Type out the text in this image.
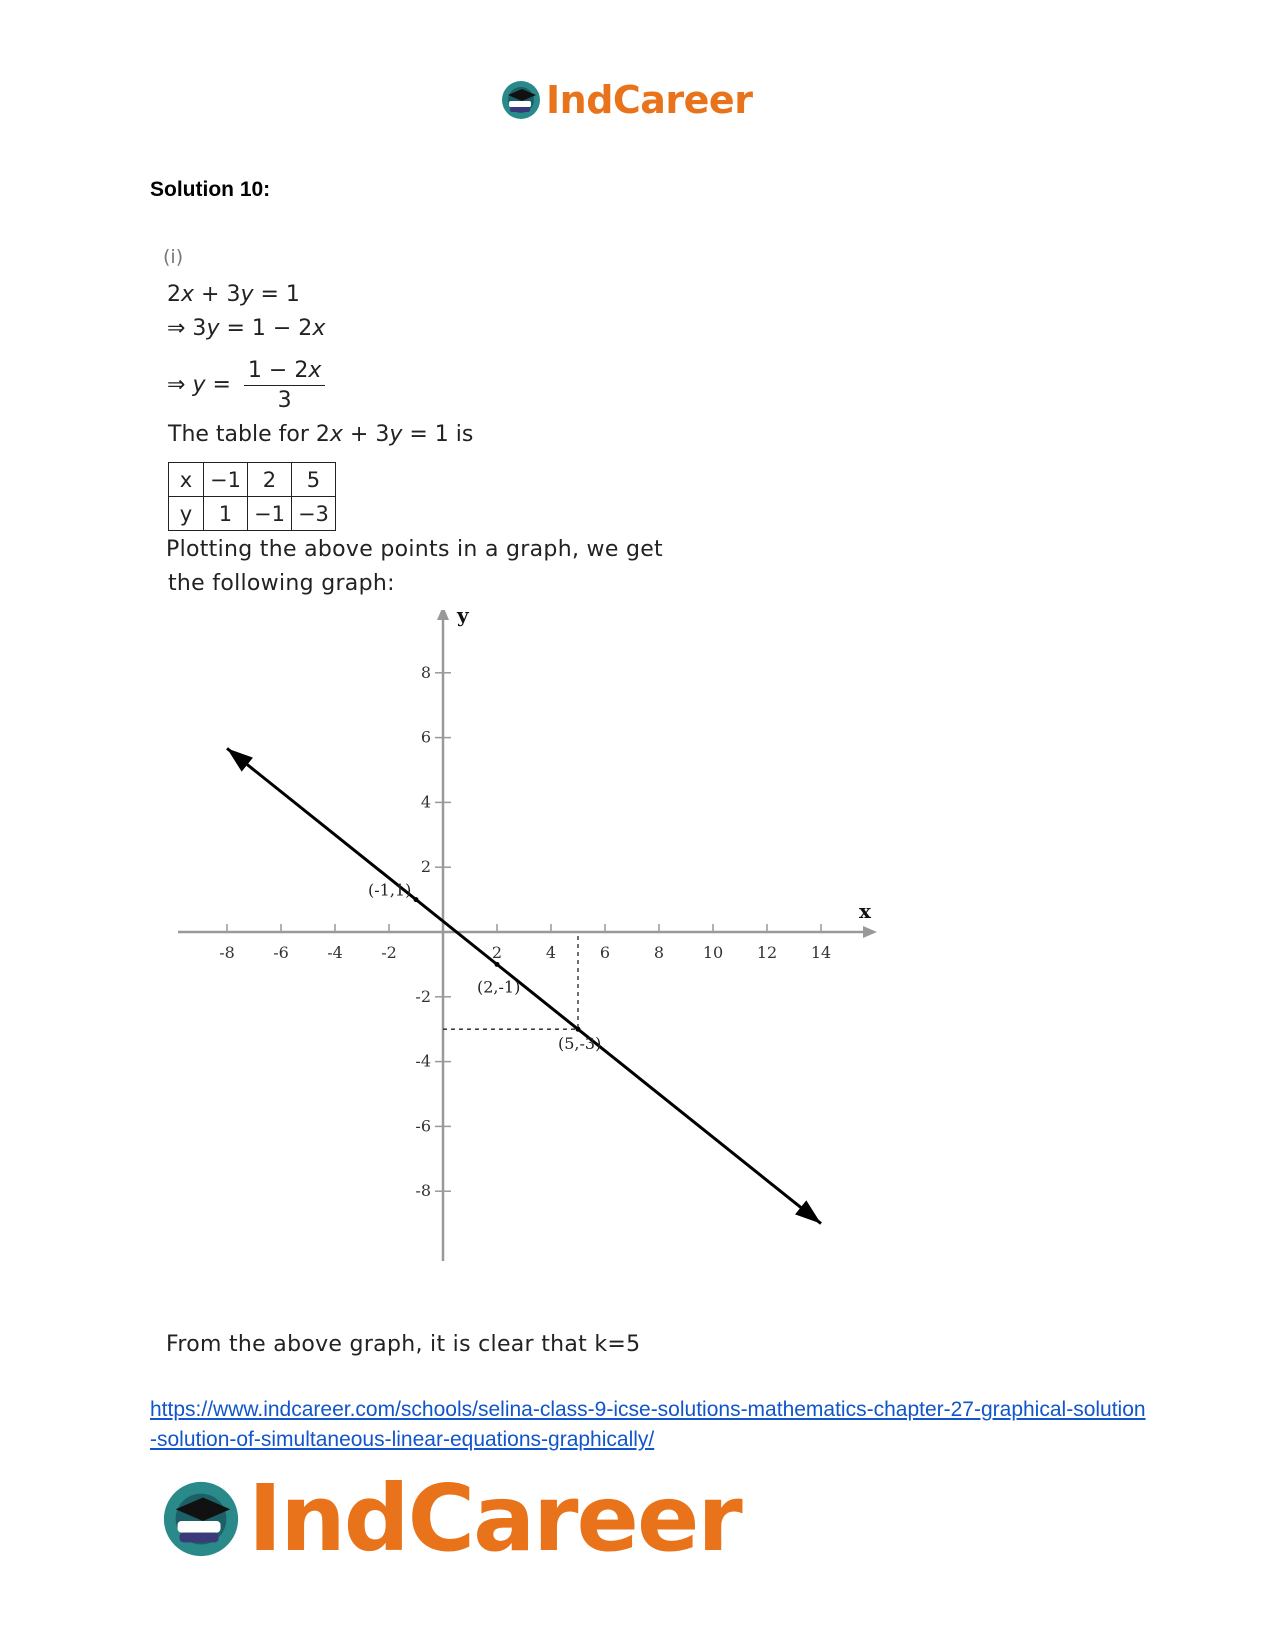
IndCareer
Solution 10:
(i)
2x + 3y = 1
⇒ 3y = 1 − 2x
⇒ $y = \frac{1 - 2x}{3}$
The table for 2x + 3y = 1 is
x	−1	2	5
y	1	−1	−3
Plotting the above points in a graph, we get
the following graph:
-8 -6 -4 -2	2	4	6	8 10 12 14
8
6
4
2
-2
-4
-6
-8
x
y
(-1,1)
(2,-1)
(5,-3)
From the above graph, it is clear that k=5
https://www.indcareer.com/schools/selina-class-9-icse-solutions-mathematics-chapter-27-graphical-solution-solution-of-simultaneous-linear-equations-graphically/
IndCareer
